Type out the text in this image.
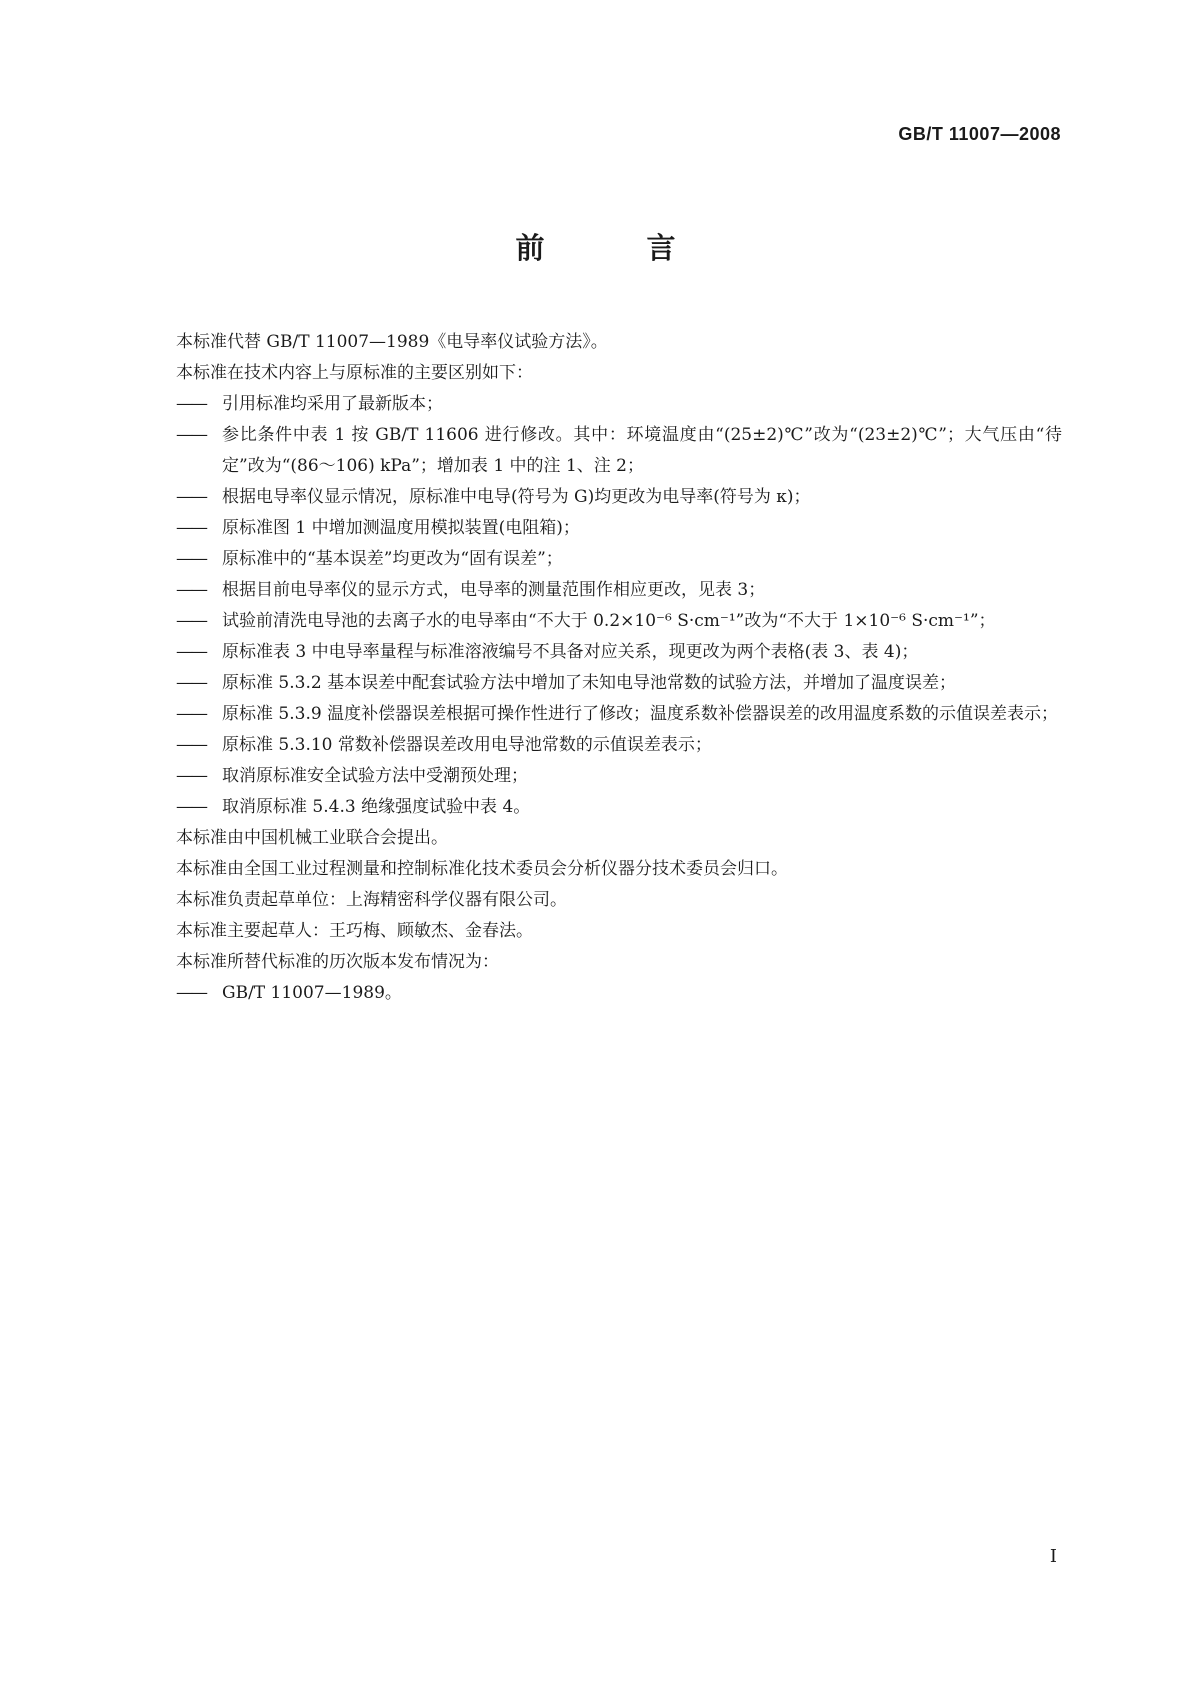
GB/T 11007—2008
前 言
本标准代替 GB/T 11007—1989《电导率仪试验方法》。
本标准在技术内容上与原标准的主要区别如下：
—— 引用标准均采用了最新版本；
—— 参比条件中表 1 按 GB/T 11606 进行修改。其中：环境温度由“(25±2)℃”改为“(23±2)℃”；大气压由“待定”改为“(86～106) kPa”；增加表 1 中的注 1、注 2；
—— 根据电导率仪显示情况，原标准中电导(符号为 G)均更改为电导率(符号为 κ)；
—— 原标准图 1 中增加测温度用模拟装置(电阻箱)；
—— 原标准中的“基本误差”均更改为“固有误差”；
—— 根据目前电导率仪的显示方式，电导率的测量范围作相应更改，见表 3；
—— 试验前清洗电导池的去离子水的电导率由“不大于 0.2×10⁻⁶ S·cm⁻¹”改为“不大于 1×10⁻⁶ S·cm⁻¹”；
—— 原标准表 3 中电导率量程与标准溶液编号不具备对应关系，现更改为两个表格(表 3、表 4)；
—— 原标准 5.3.2 基本误差中配套试验方法中增加了未知电导池常数的试验方法，并增加了温度误差；
—— 原标准 5.3.9 温度补偿器误差根据可操作性进行了修改；温度系数补偿器误差的改用温度系数的示值误差表示；
—— 原标准 5.3.10 常数补偿器误差改用电导池常数的示值误差表示；
—— 取消原标准安全试验方法中受潮预处理；
—— 取消原标准 5.4.3 绝缘强度试验中表 4。
本标准由中国机械工业联合会提出。
本标准由全国工业过程测量和控制标准化技术委员会分析仪器分技术委员会归口。
本标准负责起草单位：上海精密科学仪器有限公司。
本标准主要起草人：王巧梅、顾敏杰、金春法。
本标准所替代标准的历次版本发布情况为：
—— GB/T 11007—1989。
I
